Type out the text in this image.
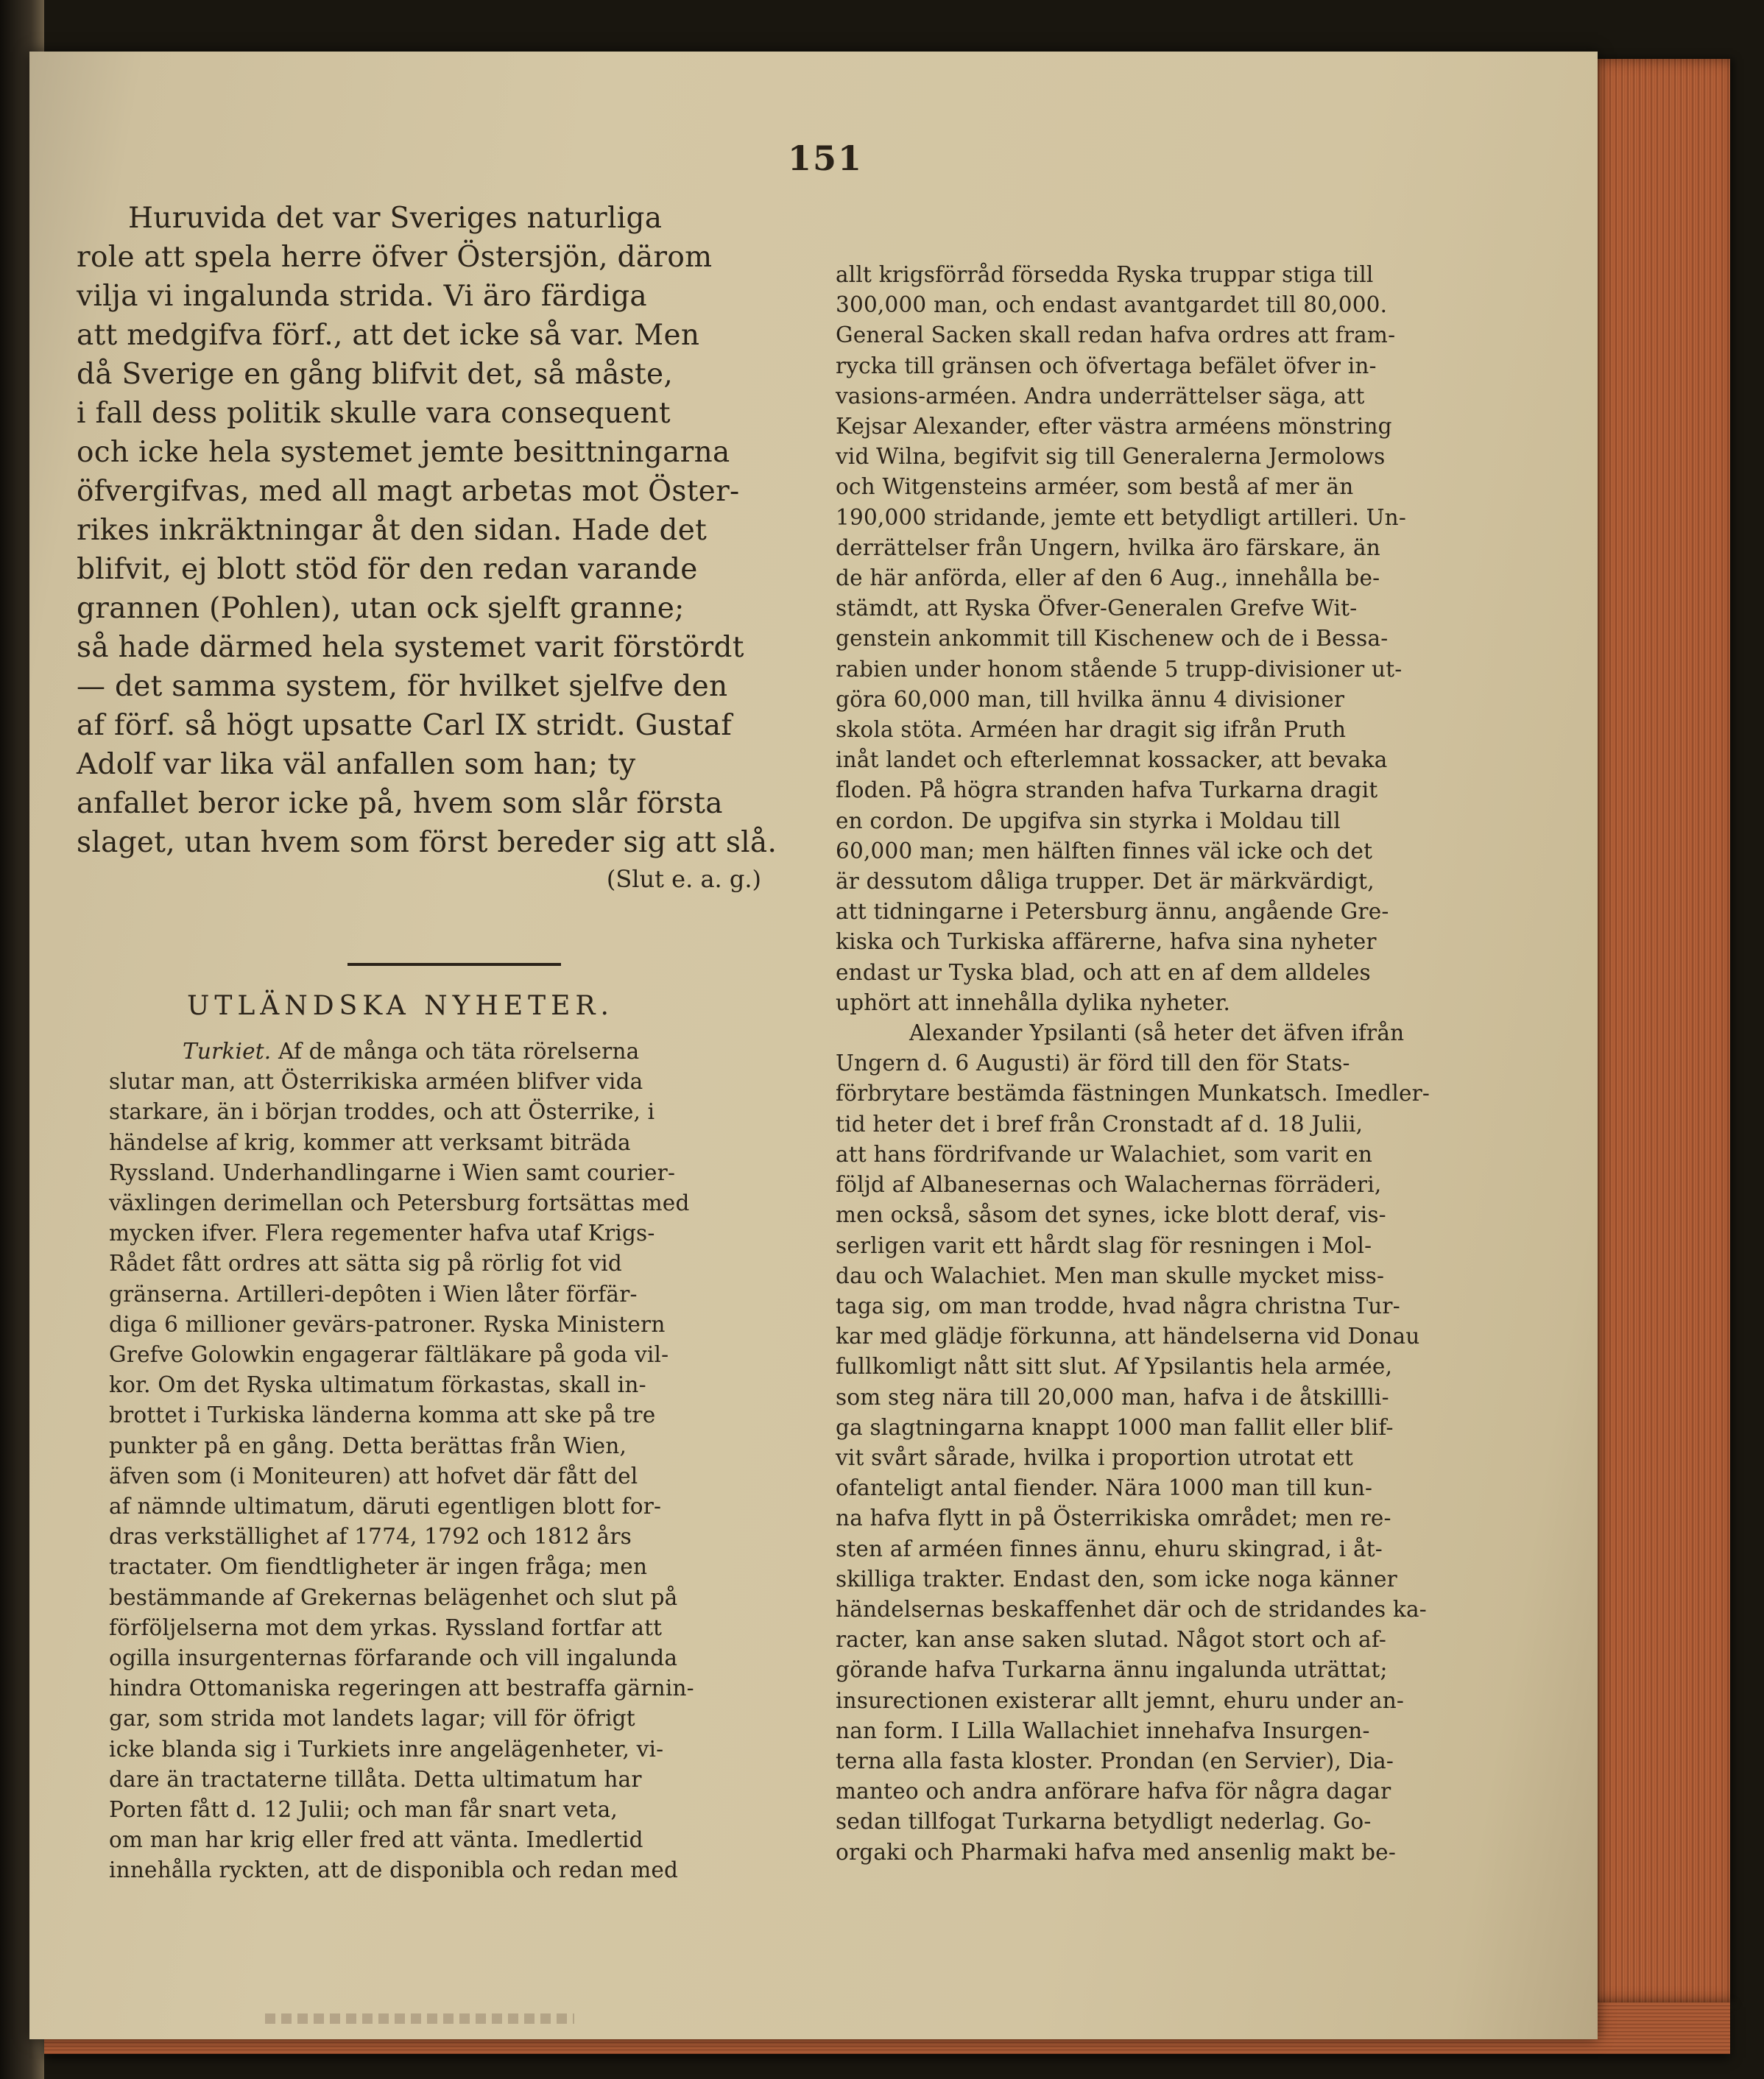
151
Huruvida det var Sveriges naturliga
role att spela herre öfver Östersjön, därom
vilja vi ingalunda strida. Vi äro färdiga
att medgifva förf., att det icke så var. Men
då Sverige en gång blifvit det, så måste,
i fall dess politik skulle vara consequent
och icke hela systemet jemte besittningarna
öfvergifvas, med all magt arbetas mot Öster-
rikes inkräktningar åt den sidan. Hade det
blifvit, ej blott stöd för den redan varande
grannen (Pohlen), utan ock sjelft granne;
så hade därmed hela systemet varit förstördt
— det samma system, för hvilket sjelfve den
af förf. så högt upsatte Carl IX stridt. Gustaf
Adolf var lika väl anfallen som han; ty
anfallet beror icke på, hvem som slår första
slaget, utan hvem som först bereder sig att slå.
(Slut e. a. g.)
UTLÄNDSKA NYHETER.
Turkiet. Af de många och täta rörelserna
slutar man, att Österrikiska arméen blifver vida
starkare, än i början troddes, och att Österrike, i
händelse af krig, kommer att verksamt biträda
Ryssland. Underhandlingarne i Wien samt courier-
växlingen derimellan och Petersburg fortsättas med
mycken ifver. Flera regementer hafva utaf Krigs-
Rådet fått ordres att sätta sig på rörlig fot vid
gränserna. Artilleri-depôten i Wien låter förfär-
diga 6 millioner gevärs-patroner. Ryska Ministern
Grefve Golowkin engagerar fältläkare på goda vil-
kor. Om det Ryska ultimatum förkastas, skall in-
brottet i Turkiska länderna komma att ske på tre
punkter på en gång. Detta berättas från Wien,
äfven som (i Moniteuren) att hofvet där fått del
af nämnde ultimatum, däruti egentligen blott for-
dras verkställighet af 1774, 1792 och 1812 års
tractater. Om fiendtligheter är ingen fråga; men
bestämmande af Grekernas belägenhet och slut på
förföljelserna mot dem yrkas. Ryssland fortfar att
ogilla insurgenternas förfarande och vill ingalunda
hindra Ottomaniska regeringen att bestraffa gärnin-
gar, som strida mot landets lagar; vill för öfrigt
icke blanda sig i Turkiets inre angelägenheter, vi-
dare än tractaterne tillåta. Detta ultimatum har
Porten fått d. 12 Julii; och man får snart veta,
om man har krig eller fred att vänta. Imedlertid
innehålla ryckten, att de disponibla och redan med
allt krigsförråd försedda Ryska truppar stiga till
300,000 man, och endast avantgardet till 80,000.
General Sacken skall redan hafva ordres att fram-
rycka till gränsen och öfvertaga befälet öfver in-
vasions-arméen. Andra underrättelser säga, att
Kejsar Alexander, efter västra arméens mönstring
vid Wilna, begifvit sig till Generalerna Jermolows
och Witgensteins arméer, som bestå af mer än
190,000 stridande, jemte ett betydligt artilleri. Un-
derrättelser från Ungern, hvilka äro färskare, än
de här anförda, eller af den 6 Aug., innehålla be-
stämdt, att Ryska Öfver-Generalen Grefve Wit-
genstein ankommit till Kischenew och de i Bessa-
rabien under honom stående 5 trupp-divisioner ut-
göra 60,000 man, till hvilka ännu 4 divisioner
skola stöta. Arméen har dragit sig ifrån Pruth
inåt landet och efterlemnat kossacker, att bevaka
floden. På högra stranden hafva Turkarna dragit
en cordon. De upgifva sin styrka i Moldau till
60,000 man; men hälften finnes väl icke och det
är dessutom dåliga trupper. Det är märkvärdigt,
att tidningarne i Petersburg ännu, angående Gre-
kiska och Turkiska affärerne, hafva sina nyheter
endast ur Tyska blad, och att en af dem alldeles
uphört att innehålla dylika nyheter.
Alexander Ypsilanti (så heter det äfven ifrån
Ungern d. 6 Augusti) är förd till den för Stats-
förbrytare bestämda fästningen Munkatsch. Imedler-
tid heter det i bref från Cronstadt af d. 18 Julii,
att hans fördrifvande ur Walachiet, som varit en
följd af Albanesernas och Walachernas förräderi,
men också, såsom det synes, icke blott deraf, vis-
serligen varit ett hårdt slag för resningen i Mol-
dau och Walachiet. Men man skulle mycket miss-
taga sig, om man trodde, hvad några christna Tur-
kar med glädje förkunna, att händelserna vid Donau
fullkomligt nått sitt slut. Af Ypsilantis hela armée,
som steg nära till 20,000 man, hafva i de åtskillli-
ga slagtningarna knappt 1000 man fallit eller blif-
vit svårt sårade, hvilka i proportion utrotat ett
ofanteligt antal fiender. Nära 1000 man till kun-
na hafva flytt in på Österrikiska området; men re-
sten af arméen finnes ännu, ehuru skingrad, i åt-
skilliga trakter. Endast den, som icke noga känner
händelsernas beskaffenhet där och de stridandes ka-
racter, kan anse saken slutad. Något stort och af-
görande hafva Turkarna ännu ingalunda uträttat;
insurectionen existerar allt jemnt, ehuru under an-
nan form. I Lilla Wallachiet innehafva Insurgen-
terna alla fasta kloster. Prondan (en Servier), Dia-
manteo och andra anförare hafva för några dagar
sedan tillfogat Turkarna betydligt nederlag. Go-
orgaki och Pharmaki hafva med ansenlig makt be-
